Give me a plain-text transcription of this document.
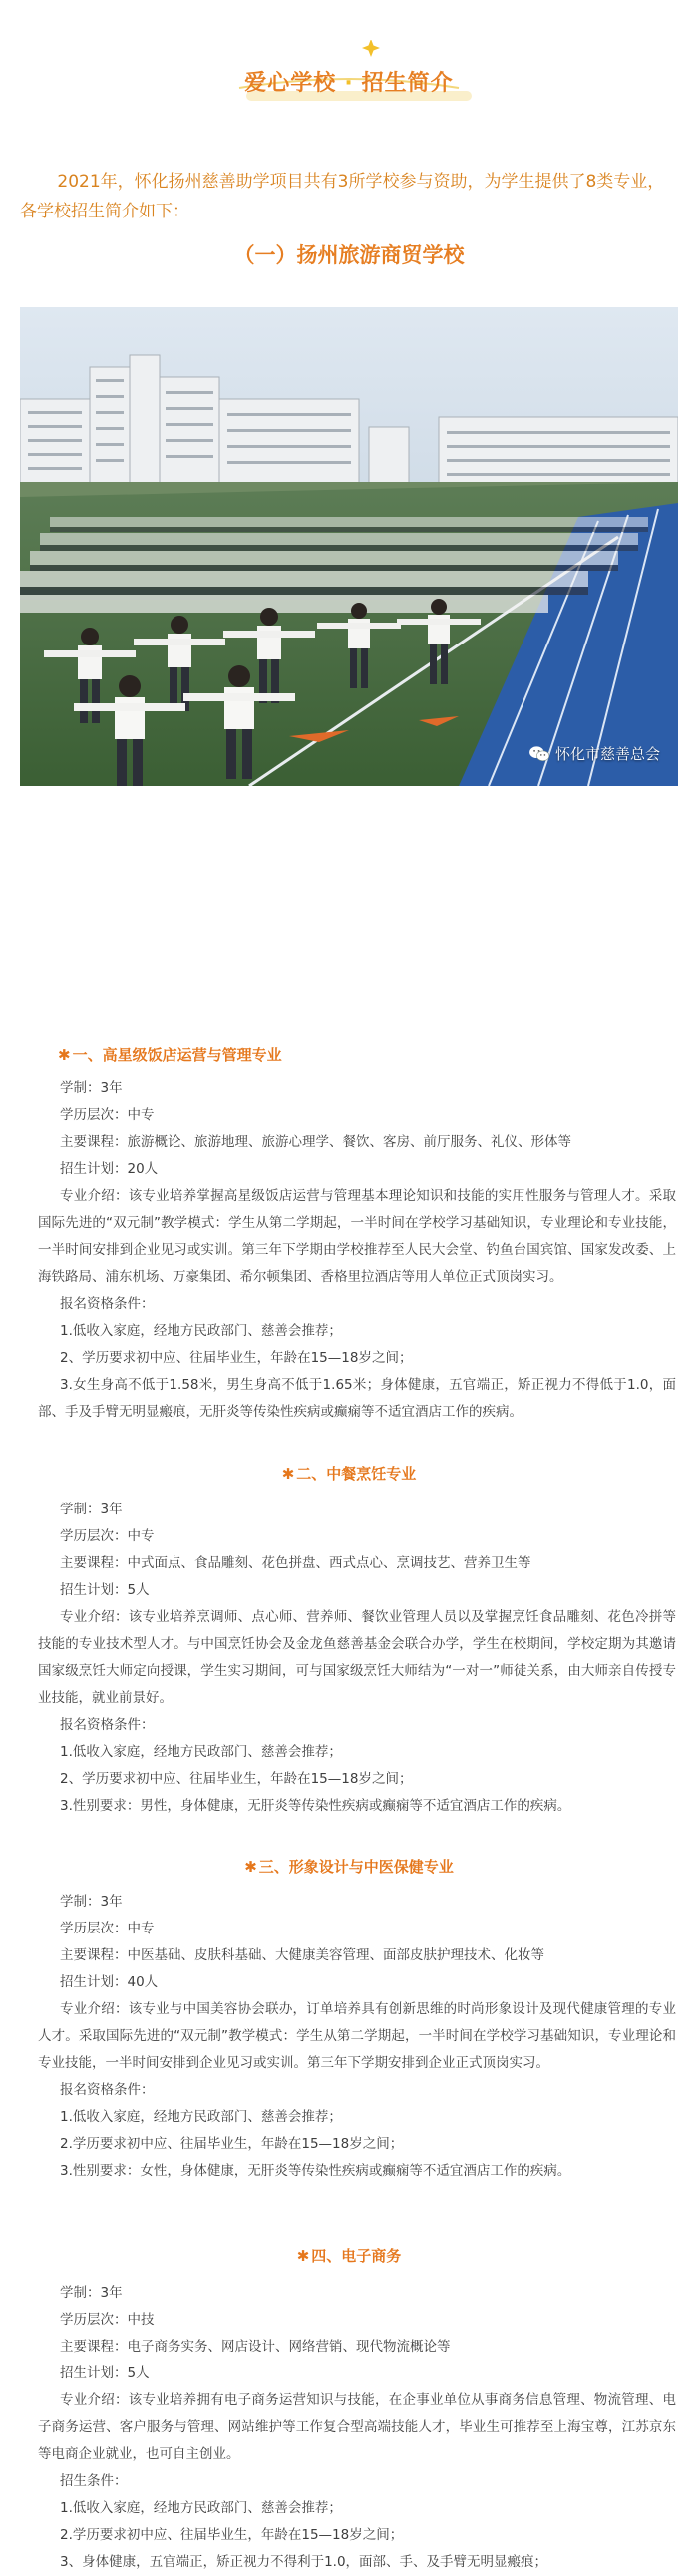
爱心学校 · 招生简介

2021年，怀化扬州慈善助学项目共有3所学校参与资助，为学生提供了8类专业，各学校招生简介如下：

（一）扬州旅游商贸学校
怀化市慈善总会

✱ 一、高星级饭店运营与管理专业

学制：3年

学历层次：中专

主要课程：旅游概论、旅游地理、旅游心理学、餐饮、客房、前厅服务、礼仪、形体等

招生计划：20人

专业介绍：该专业培养掌握高星级饭店运营与管理基本理论知识和技能的实用性服务与管理人才。采取国际先进的“双元制”教学模式：学生从第二学期起，一半时间在学校学习基础知识，专业理论和专业技能，一半时间安排到企业见习或实训。第三年下学期由学校推荐至人民大会堂、钓鱼台国宾馆、国家发改委、上海铁路局、浦东机场、万豪集团、希尔顿集团、香格里拉酒店等用人单位正式顶岗实习。

报名资格条件：

1.低收入家庭，经地方民政部门、慈善会推荐；

2、学历要求初中应、往届毕业生，年龄在15—18岁之间；

3.女生身高不低于1.58米，男生身高不低于1.65米；身体健康，五官端正，矫正视力不得低于1.0，面部、手及手臂无明显瘢痕，无肝炎等传染性疾病或癫痫等不适宜酒店工作的疾病。

✱ 二、中餐烹饪专业

学制：3年

学历层次：中专

主要课程：中式面点、食品雕刻、花色拼盘、西式点心、烹调技艺、营养卫生等

招生计划：5人

专业介绍：该专业培养烹调师、点心师、营养师、餐饮业管理人员以及掌握烹饪食品雕刻、花色冷拼等技能的专业技术型人才。与中国烹饪协会及金龙鱼慈善基金会联合办学，学生在校期间，学校定期为其邀请国家级烹饪大师定向授课，学生实习期间，可与国家级烹饪大师结为“一对一”师徒关系，由大师亲自传授专业技能，就业前景好。

报名资格条件：

1.低收入家庭，经地方民政部门、慈善会推荐；

2、学历要求初中应、往届毕业生，年龄在15—18岁之间；

3.性别要求：男性，身体健康，无肝炎等传染性疾病或癫痫等不适宜酒店工作的疾病。

✱ 三、形象设计与中医保健专业

学制：3年

学历层次：中专

主要课程：中医基础、皮肤科基础、大健康美容管理、面部皮肤护理技术、化妆等

招生计划：40人

专业介绍：该专业与中国美容协会联办，订单培养具有创新思维的时尚形象设计及现代健康管理的专业人才。采取国际先进的“双元制”教学模式：学生从第二学期起，一半时间在学校学习基础知识，专业理论和专业技能，一半时间安排到企业见习或实训。第三年下学期安排到企业正式顶岗实习。

报名资格条件：

1.低收入家庭，经地方民政部门、慈善会推荐；

2.学历要求初中应、往届毕业生，年龄在15—18岁之间；

3.性别要求：女性，身体健康，无肝炎等传染性疾病或癫痫等不适宜酒店工作的疾病。

✱ 四、电子商务

学制：3年

学历层次：中技

主要课程：电子商务实务、网店设计、网络营销、现代物流概论等

招生计划：5人

专业介绍：该专业培养拥有电子商务运营知识与技能，在企事业单位从事商务信息管理、物流管理、电子商务运营、客户服务与管理、网站维护等工作复合型高端技能人才，毕业生可推荐至上海宝尊，江苏京东等电商企业就业，也可自主创业。

招生条件：

1.低收入家庭，经地方民政部门、慈善会推荐；

2.学历要求初中应、往届毕业生，年龄在15—18岁之间；

3、身体健康，五官端正，矫正视力不得利于1.0，面部、手、及手臂无明显瘢痕；
